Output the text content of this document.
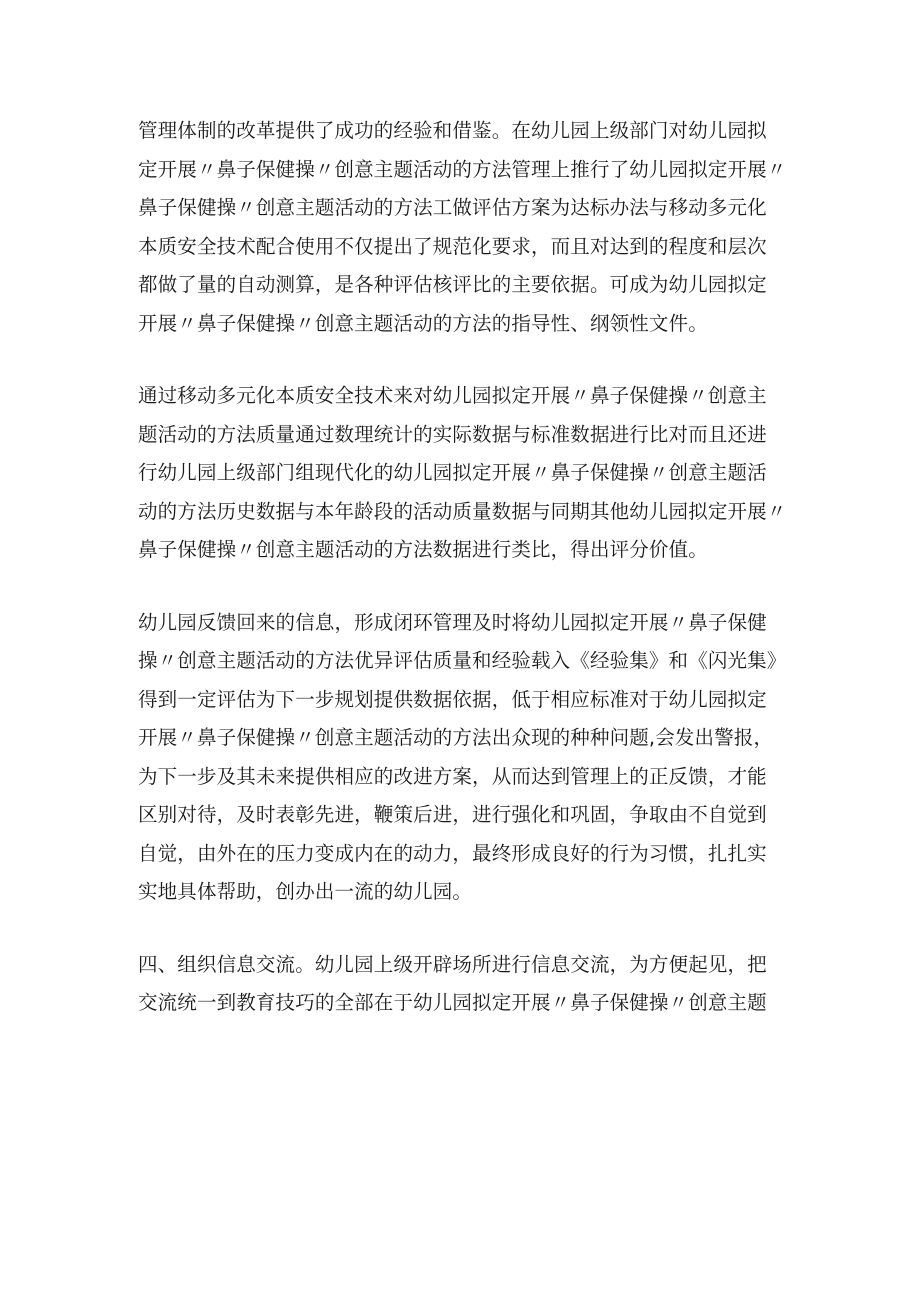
管理体制的改革提供了成功的经验和借鉴。在幼儿园上级部门对幼儿园拟
定开展〃鼻子保健操〃创意主题活动的方法管理上推行了幼儿园拟定开展〃
鼻子保健操〃创意主题活动的方法工做评估方案为达标办法与移动多元化
本质安全技术配合使用不仅提出了规范化要求，而且对达到的程度和层次
都做了量的自动测算，是各种评估核评比的主要依据。可成为幼儿园拟定
开展〃鼻子保健操〃创意主题活动的方法的指导性、纲领性文件。

通过移动多元化本质安全技术来对幼儿园拟定开展〃鼻子保健操〃创意主
题活动的方法质量通过数理统计的实际数据与标准数据进行比对而且还进
行幼儿园上级部门组现代化的幼儿园拟定开展〃鼻子保健操〃创意主题活
动的方法历史数据与本年龄段的活动质量数据与同期其他幼儿园拟定开展〃
鼻子保健操〃创意主题活动的方法数据进行类比，得出评分价值。

幼儿园反馈回来的信息，形成闭环管理及时将幼儿园拟定开展〃鼻子保健
操〃创意主题活动的方法优异评估质量和经验载入《经验集》和《闪光集》
得到一定评估为下一步规划提供数据依据，低于相应标准对于幼儿园拟定
开展〃鼻子保健操〃创意主题活动的方法出众现的种种问题,会发出警报，
为下一步及其未来提供相应的改进方案，从而达到管理上的正反馈，才能
区别对待，及时表彰先进，鞭策后进，进行强化和巩固，争取由不自觉到
自觉，由外在的压力变成内在的动力，最终形成良好的行为习惯，扎扎实
实地具体帮助，创办出一流的幼儿园。

四、组织信息交流。幼儿园上级开辟场所进行信息交流，为方便起见，把
交流统一到教育技巧的全部在于幼儿园拟定开展〃鼻子保健操〃创意主题
